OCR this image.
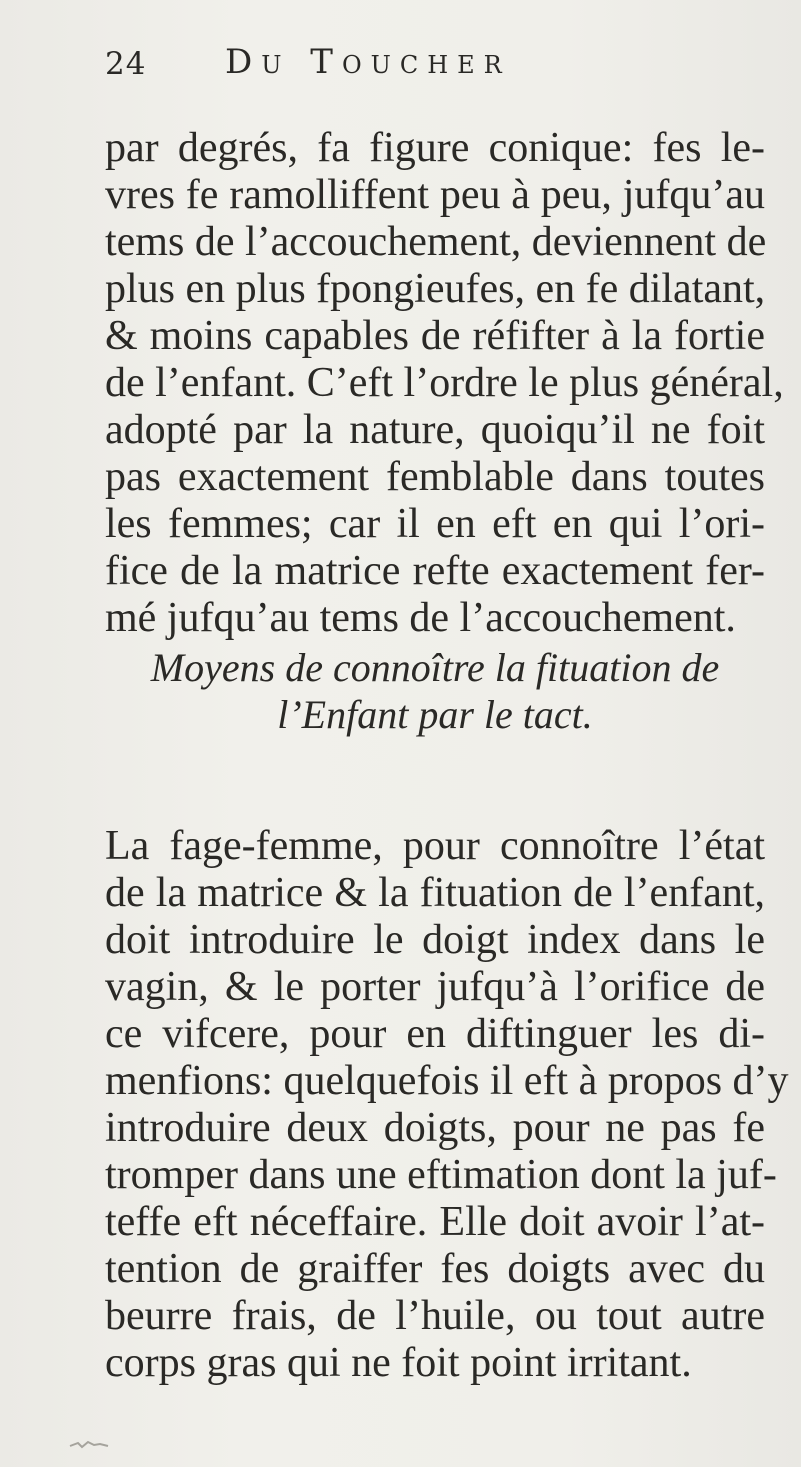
24 Du Toucher
par degrés, fa figure conique: fes le-
vres fe ramolliffent peu à peu, jufqu’au
tems de l’accouchement, deviennent de
plus en plus fpongieufes, en fe dilatant,
& moins capables de réfifter à la fortie
de l’enfant. C’eft l’ordre le plus général,
adopté par la nature, quoiqu’il ne foit
pas exactement femblable dans toutes
les femmes; car il en eft en qui l’ori-
fice de la matrice refte exactement fer-
mé jufqu’au tems de l’accouchement.
Moyens de connoître la fituation de
l’Enfant par le tact.
La fage-femme, pour connoître l’état
de la matrice & la fituation de l’enfant,
doit introduire le doigt index dans le
vagin, & le porter jufqu’à l’orifice de
ce vifcere, pour en diftinguer les di-
menfions: quelquefois il eft à propos d’y
introduire deux doigts, pour ne pas fe
tromper dans une eftimation dont la juf-
teffe eft néceffaire. Elle doit avoir l’at-
tention de graiffer fes doigts avec du
beurre frais, de l’huile, ou tout autre
corps gras qui ne foit point irritant.
